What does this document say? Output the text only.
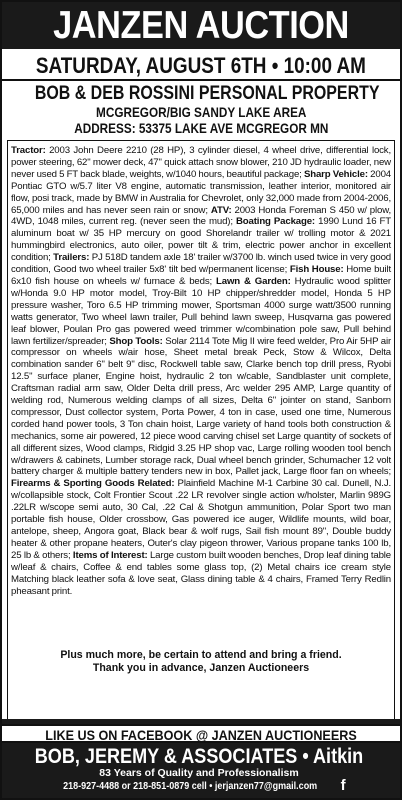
JANZEN AUCTION
SATURDAY, AUGUST 6TH • 10:00 AM
BOB & DEB ROSSINI PERSONAL PROPERTY
MCGREGOR/BIG SANDY LAKE AREA
ADDRESS: 53375 LAKE AVE MCGREGOR MN
Tractor: 2003 John Deere 2210 (28 HP), 3 cylinder diesel, 4 wheel drive, differential lock, power steering, 62" mower deck, 47" quick attach snow blower, 210 JD hydraulic loader, new never used 5 FT back blade, weights, w/1040 hours, beautiful package; Sharp Vehicle: 2004 Pontiac GTO w/5.7 liter V8 engine, automatic transmission, leather interior, monitored air flow, posi track, made by BMW in Australia for Chevrolet, only 32,000 made from 2004-2006, 65,000 miles and has never seen rain or snow; ATV: 2003 Honda Foreman S 450 w/ plow, 4WD, 1048 miles, current reg. (never seen the mud); Boating Package: 1990 Lund 16 FT aluminum boat w/ 35 HP mercury on good Shorelandr trailer w/ trolling motor & 2021 hummingbird electronics, auto oiler, power tilt & trim, electric power anchor in excellent condition; Trailers: PJ 518D tandem axle 18' trailer w/3700 lb. winch used twice in very good condition, Good two wheel trailer 5x8' tilt bed w/permanent license; Fish House: Home built 6x10 fish house on wheels w/ furnace & beds; Lawn & Garden: Hydraulic wood splitter w/Honda 9.0 HP motor model, Troy-Bilt 10 HP chipper/shredder model, Honda 5 HP pressure washer, Toro 6.5 HP trimming mower, Sportsman 4000 surge watt/3500 running watts generator, Two wheel lawn trailer, Pull behind lawn sweep, Husqvarna gas powered leaf blower, Poulan Pro gas powered weed trimmer w/combination pole saw, Pull behind lawn fertilizer/spreader; Shop Tools: Solar 2114 Tote Mig II wire feed welder, Pro Air 5HP air compressor on wheels w/air hose, Sheet metal break Peck, Stow & Wilcox, Delta combination sander 6" belt 9" disc, Rockwell table saw, Clarke bench top drill press, Ryobi 12.5" surface planer, Engine hoist, hydraulic 2 ton w/cable, Sandblaster unit complete, Craftsman radial arm saw, Older Delta drill press, Arc welder 295 AMP, Large quantity of welding rod, Numerous welding clamps of all sizes, Delta 6" jointer on stand, Sanborn compressor, Dust collector system, Porta Power, 4 ton in case, used one time, Numerous corded hand power tools, 3 Ton chain hoist, Large variety of hand tools both construction & mechanics, some air powered, 12 piece wood carving chisel set Large quantity of sockets of all different sizes, Wood clamps, Ridgid 3.25 HP shop vac, Large rolling wooden tool bench w/drawers & cabinets, Lumber storage rack, Dual wheel bench grinder, Schumacher 12 volt battery charger & multiple battery tenders new in box, Pallet jack, Large floor fan on wheels; Firearms & Sporting Goods Related: Plainfield Machine M-1 Carbine 30 cal. Dunell, N.J. w/collapsible stock, Colt Frontier Scout .22 LR revolver single action w/holster, Marlin 989G .22LR w/scope semi auto, 30 Cal, .22 Cal & Shotgun ammunition, Polar Sport two man portable fish house, Older crossbow, Gas powered ice auger, Wildlife mounts, wild boar, antelope, sheep, Angora goat, Black bear & wolf rugs, Sail fish mount 89", Double buddy heater & other propane heaters, Outer's clay pigeon thrower, Various propane tanks 100 lb, 25 lb & others; Items of Interest: Large custom built wooden benches, Drop leaf dining table w/leaf & chairs, Coffee & end tables some glass top, (2) Metal chairs ice cream style Matching black leather sofa & love seat, Glass dining table & 4 chairs, Framed Terry Redlin pheasant print.
Plus much more, be certain to attend and bring a friend.
Thank you in advance, Janzen Auctioneers
LIKE US ON FACEBOOK @ JANZEN AUCTIONEERS
BOB, JEREMY & ASSOCIATES • Aitkin
83 Years of Quality and Professionalism
218-927-4488 or 218-851-0879 cell • jerjanzen77@gmail.com f
